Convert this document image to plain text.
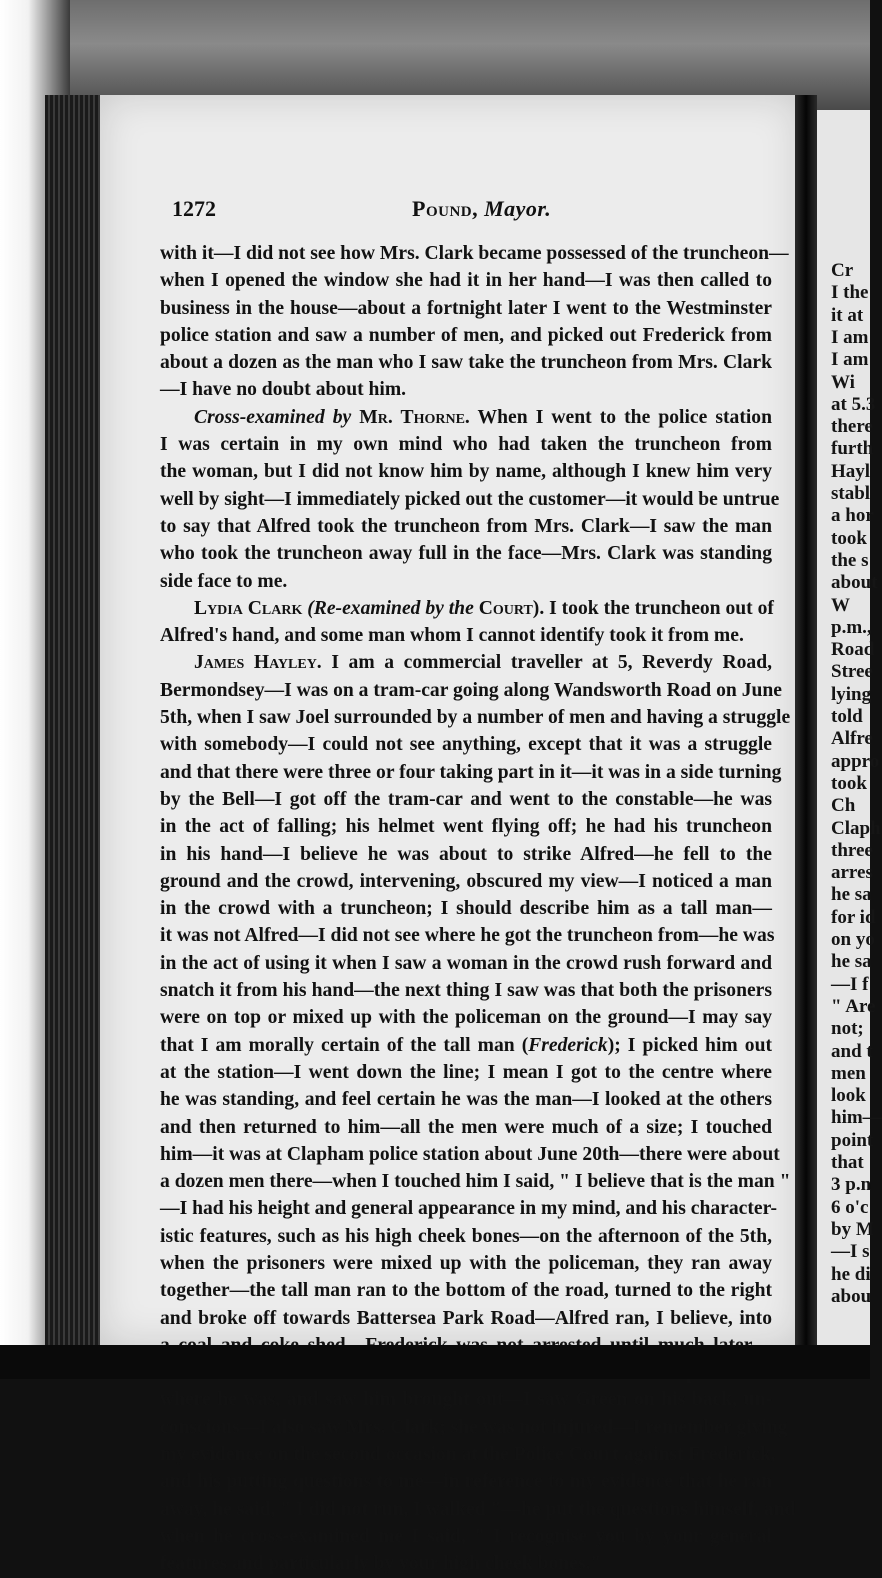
Cr
I the
it at
I am
I am
Wi
at 5.3
there
furth
Hayl
stabl
a hor
took
the s
about
W
p.m.,
Road
Stree
lying
told
Alfre
appro
took
Ch
Claph
three
arres
he sa
for id
on yo
he sa
—I f
" Are
not;
and t
men
look
him—
point
that
3 p.n
6 o'c
by M
—I s
he di
abou
1272	Pound, Mayor.
with it—I did not see how Mrs. Clark became possessed of the truncheon—
when I opened the window she had it in her hand—I was then called to
business in the house—about a fortnight later I went to the Westminster
police station and saw a number of men, and picked out Frederick from
about a dozen as the man who I saw take the truncheon from Mrs. Clark
—I have no doubt about him.
Cross-examined by Mr. Thorne. When I went to the police station
I was certain in my own mind who had taken the truncheon from
the woman, but I did not know him by name, although I knew him very
well by sight—I immediately picked out the customer—it would be untrue
to say that Alfred took the truncheon from Mrs. Clark—I saw the man
who took the truncheon away full in the face—Mrs. Clark was standing
side face to me.
Lydia Clark (Re-examined by the Court). I took the truncheon out of
Alfred's hand, and some man whom I cannot identify took it from me.
James Hayley. I am a commercial traveller at 5, Reverdy Road,
Bermondsey—I was on a tram-car going along Wandsworth Road on June
5th, when I saw Joel surrounded by a number of men and having a struggle
with somebody—I could not see anything, except that it was a struggle
and that there were three or four taking part in it—it was in a side turning
by the Bell—I got off the tram-car and went to the constable—he was
in the act of falling; his helmet went flying off; he had his truncheon
in his hand—I believe he was about to strike Alfred—he fell to the
ground and the crowd, intervening, obscured my view—I noticed a man
in the crowd with a truncheon; I should describe him as a tall man—
it was not Alfred—I did not see where he got the truncheon from—he was
in the act of using it when I saw a woman in the crowd rush forward and
snatch it from his hand—the next thing I saw was that both the prisoners
were on top or mixed up with the policeman on the ground—I may say
that I am morally certain of the tall man (Frederick); I picked him out
at the station—I went down the line; I mean I got to the centre where
he was standing, and feel certain he was the man—I looked at the others
and then returned to him—all the men were much of a size; I touched
him—it was at Clapham police station about June 20th—there were about
a dozen men there—when I touched him I said, " I believe that is the man "
—I had his height and general appearance in my mind, and his character-
istic features, such as his high cheek bones—on the afternoon of the 5th,
when the prisoners were mixed up with the policeman, they ran away
together—the tall man ran to the bottom of the road, turned to the right
and broke off towards Battersea Park Road—Alfred ran, I believe, into
where he was, and saw him brought out—I saw Green on his back, un-
conscious—I also saw Mrs. Clark; she was not injured—I remember giving
my evidence on the second occasion at the Police Court against Frederick,
and his putting questions to me—in reference to my evidence that he ran
away, he said, " I did not run, I walked "—he put the questions himself, and
when he cross-examined me I said, " I recognise you by your general
features and particularly by your high cheek bones."
